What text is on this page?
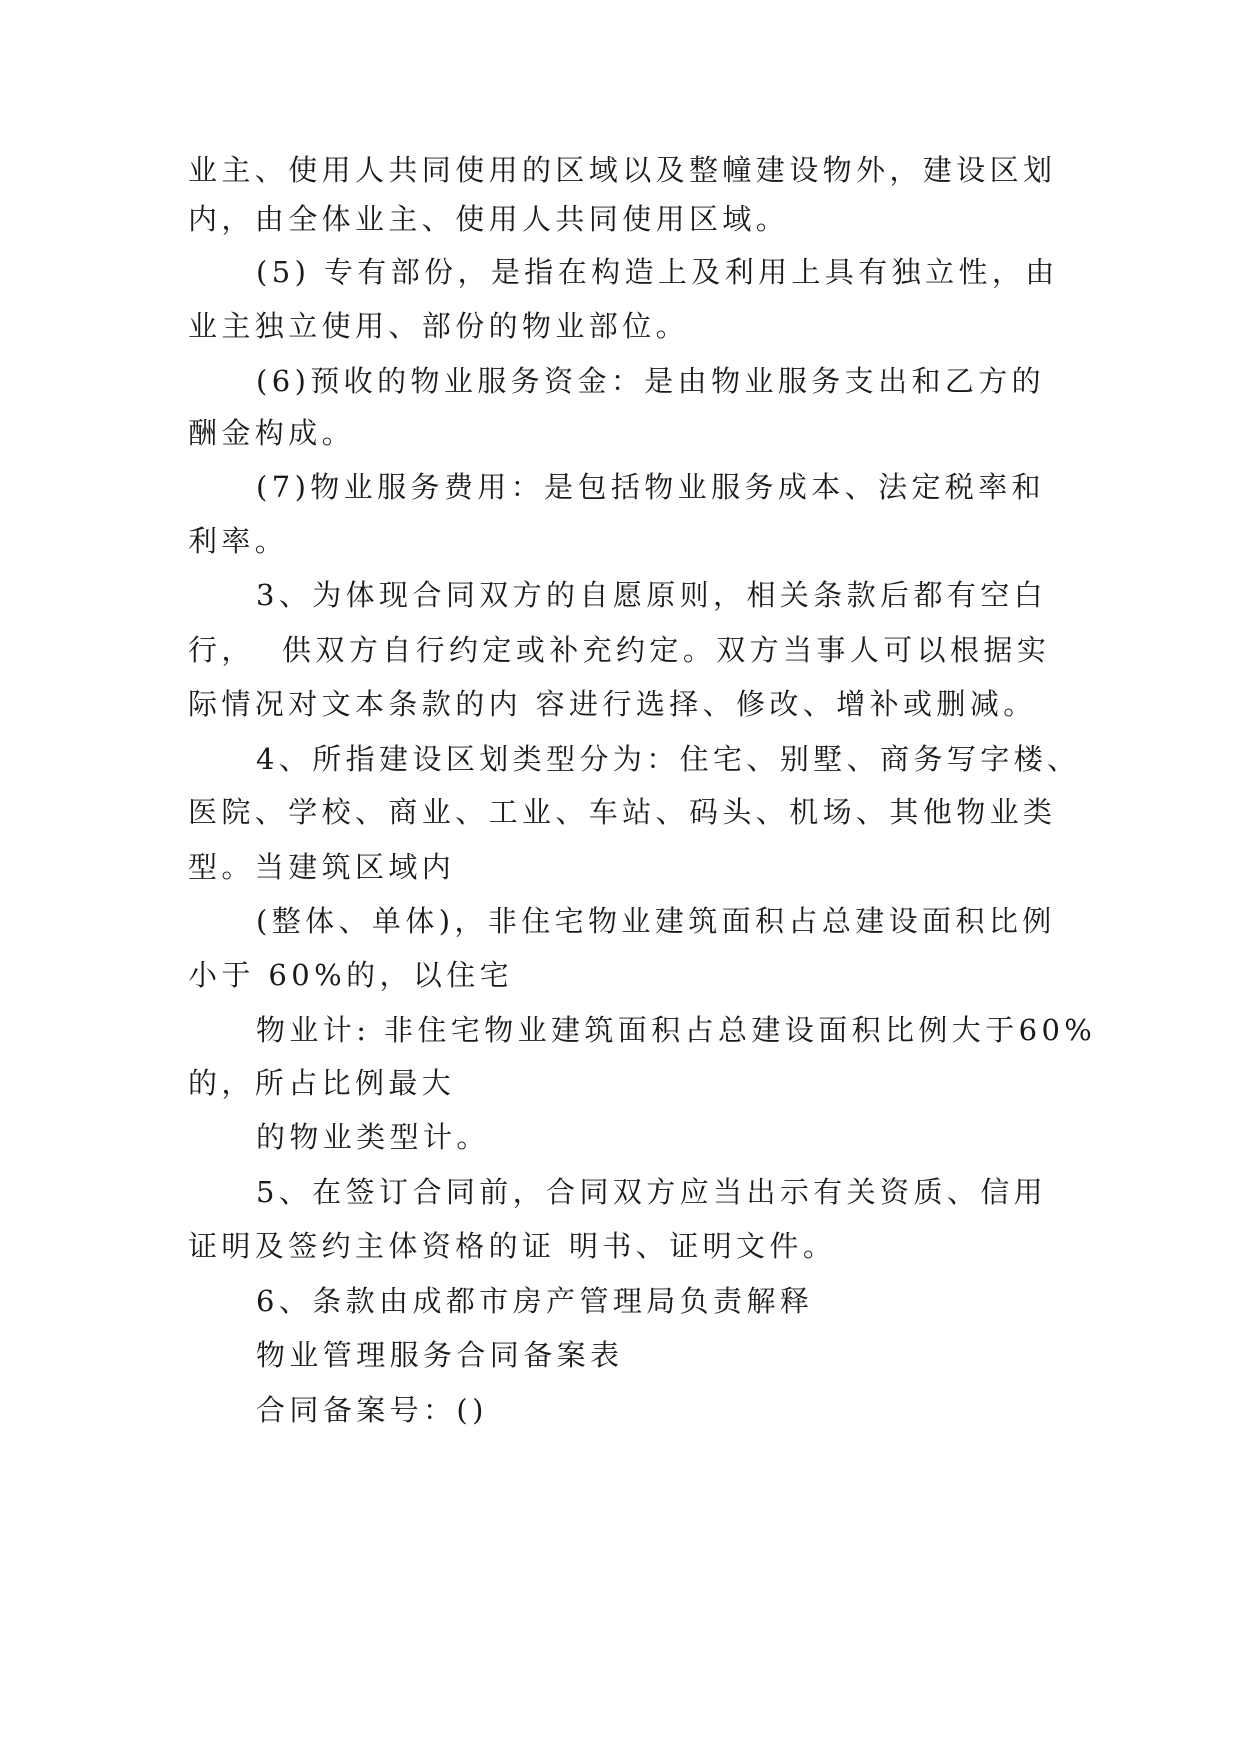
业主、使用人共同使用的区域以及整幢建设物外，建设区划
内，由全体业主、使用人共同使用区域。
(5) 专有部份，是指在构造上及利用上具有独立性，由
业主独立使用、部份的物业部位。
(6)预收的物业服务资金：是由物业服务支出和乙方的
酬金构成。
(7)物业服务费用：是包括物业服务成本、法定税率和
利率。
3、为体现合同双方的自愿原则，相关条款后都有空白
行，  供双方自行约定或补充约定。双方当事人可以根据实
际情况对文本条款的内 容进行选择、修改、增补或删减。
4、所指建设区划类型分为：住宅、别墅、商务写字楼、
医院、学校、商业、工业、车站、码头、机场、其他物业类
型。当建筑区域内
(整体、单体)，非住宅物业建筑面积占总建设面积比例
小于 60%的，以住宅
物业计: 非住宅物业建筑面积占总建设面积比例大于60%
的，所占比例最大
的物业类型计。
5、在签订合同前，合同双方应当出示有关资质、信用
证明及签约主体资格的证 明书、证明文件。
6、条款由成都市房产管理局负责解释
物业管理服务合同备案表
合同备案号：()
